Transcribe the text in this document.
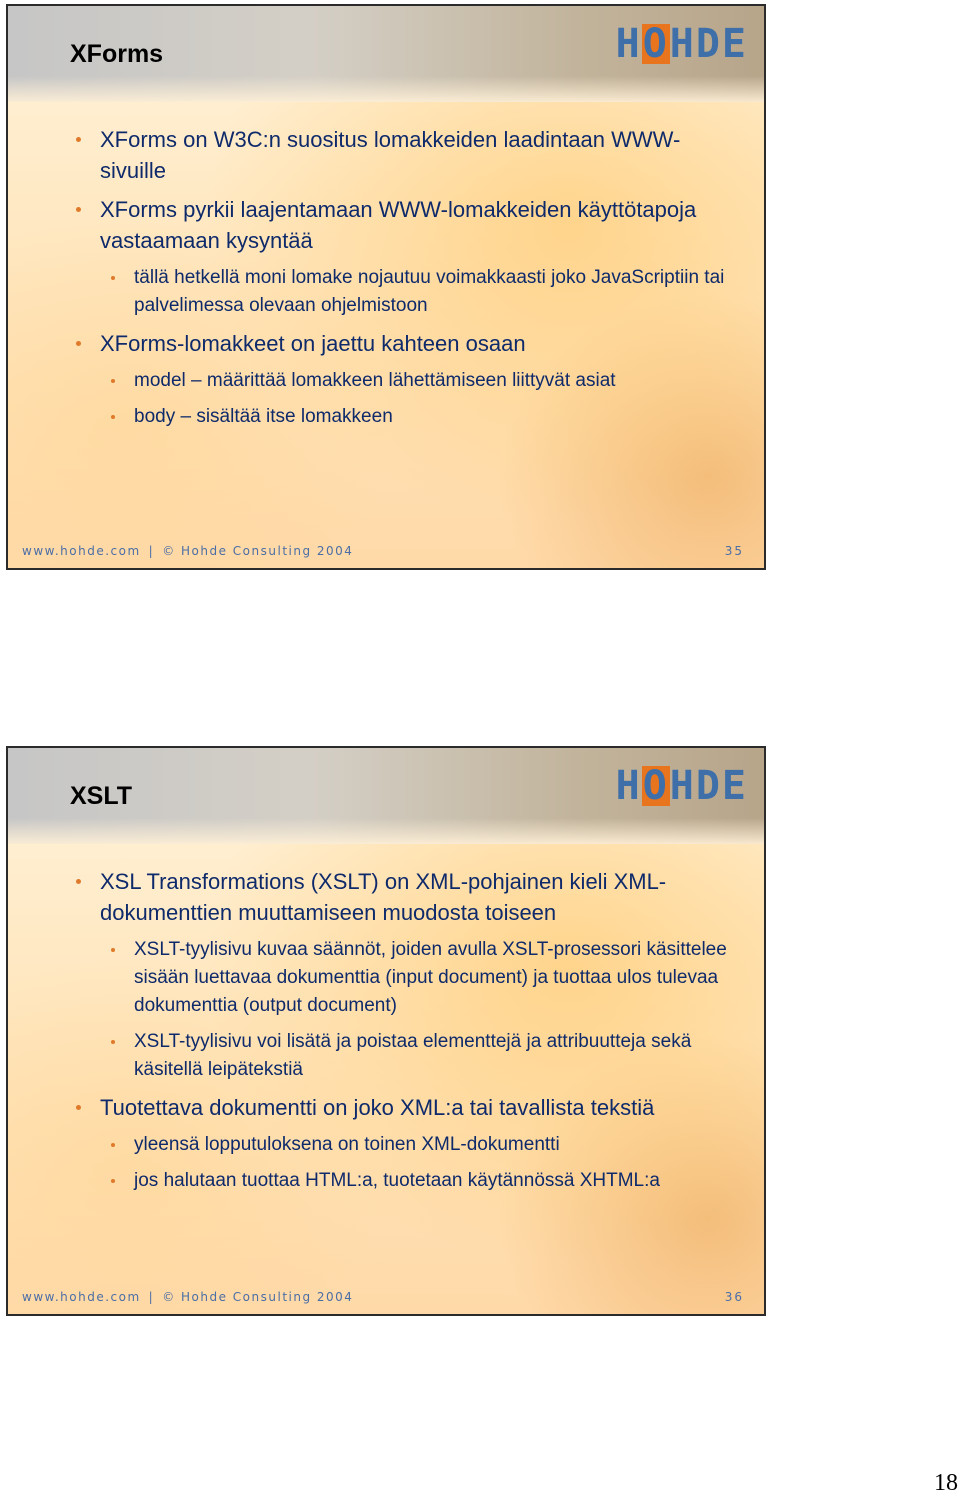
XForms	HOHDE
XForms on W3C:n suositus lomakkeiden laadintaan WWW-sivuille
XForms pyrkii laajentamaan WWW-lomakkeiden käyttötapoja vastaamaan kysyntää
tällä hetkellä moni lomake nojautuu voimakkaasti joko JavaScriptiin tai palvelimessa olevaan ohjelmistoon
XForms-lomakkeet on jaettu kahteen osaan
model – määrittää lomakkeen lähettämiseen liittyvät asiat
body – sisältää itse lomakkeen
www.hohde.com | © Hohde Consulting 2004	35
XSLT	HOHDE
XSL Transformations (XSLT) on XML-pohjainen kieli XML-dokumenttien muuttamiseen muodosta toiseen
XSLT-tyylisivu kuvaa säännöt, joiden avulla XSLT-prosessori käsittelee sisään luettavaa dokumenttia (input document) ja tuottaa ulos tulevaa dokumenttia (output document)
XSLT-tyylisivu voi lisätä ja poistaa elementtejä ja attribuutteja sekä käsitellä leipätekstiä
Tuotettava dokumentti on joko XML:a tai tavallista tekstiä
yleensä lopputuloksena on toinen XML-dokumentti
jos halutaan tuottaa HTML:a, tuotetaan käytännössä XHTML:a
www.hohde.com | © Hohde Consulting 2004	36
18
